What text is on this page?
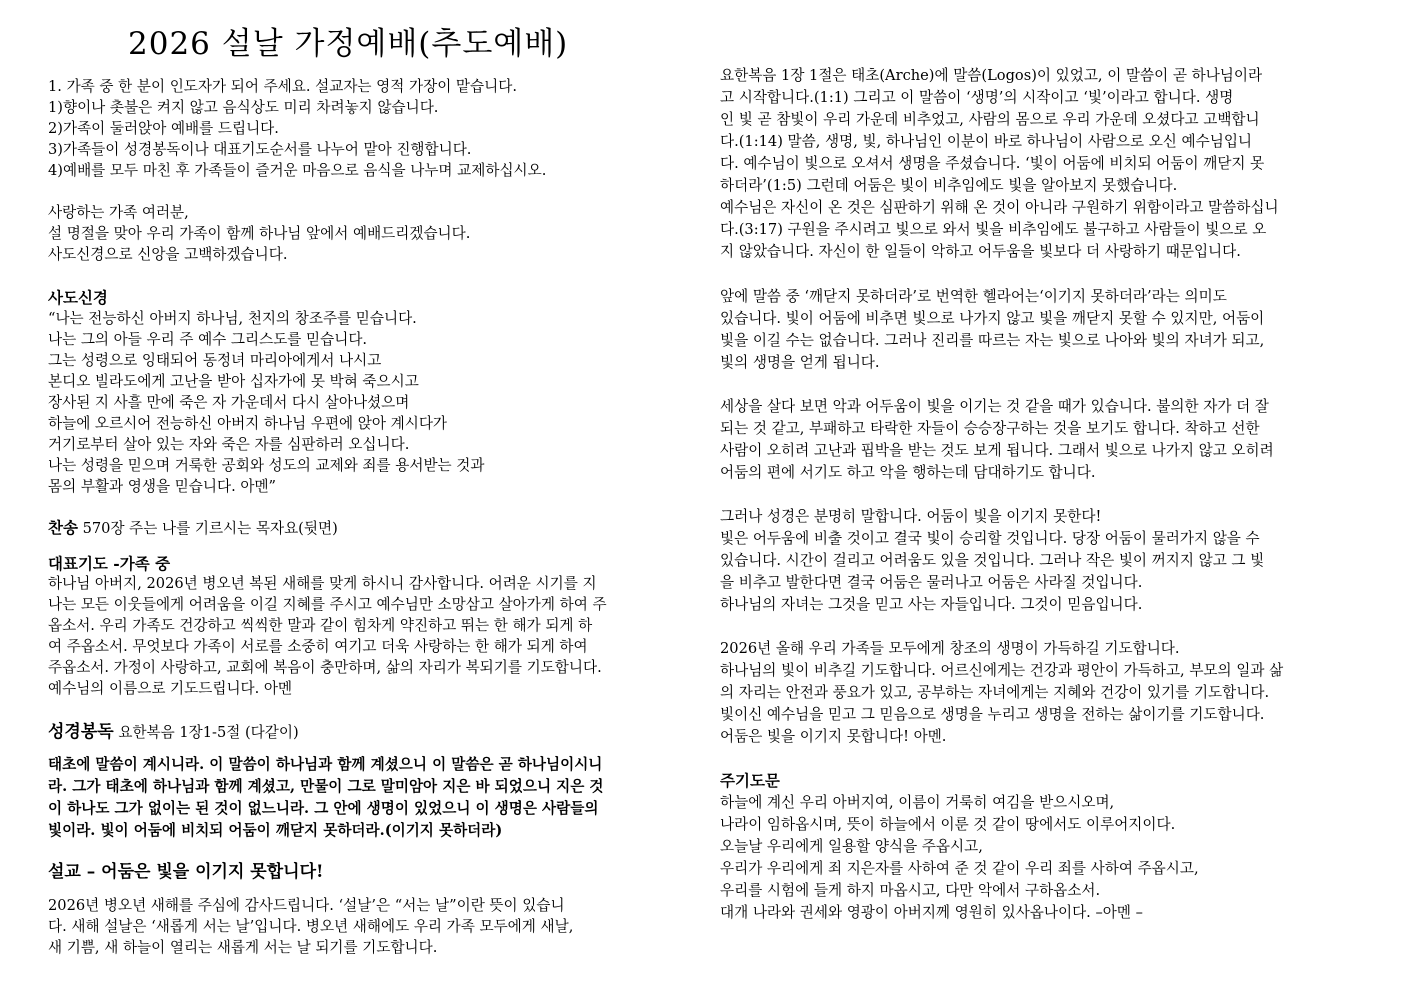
2026 설날 가정예배(추도예배)
1. 가족 중 한 분이 인도자가 되어 주세요. 설교자는 영적 가장이 맡습니다.
1)향이나 촛불은 켜지 않고 음식상도 미리 차려놓지 않습니다.
2)가족이 둘러앉아 예배를 드립니다.
3)가족들이 성경봉독이나 대표기도순서를 나누어 맡아 진행합니다.
4)예배를 모두 마친 후 가족들이 즐거운 마음으로 음식을 나누며 교제하십시오.
사랑하는 가족 여러분,
설 명절을 맞아 우리 가족이 함께 하나님 앞에서 예배드리겠습니다.
사도신경으로 신앙을 고백하겠습니다.
사도신경
“나는 전능하신 아버지 하나님, 천지의 창조주를 믿습니다.
나는 그의 아들 우리 주 예수 그리스도를 믿습니다.
그는 성령으로 잉태되어 동정녀 마리아에게서 나시고
본디오 빌라도에게 고난을 받아 십자가에 못 박혀 죽으시고
장사된 지 사흘 만에 죽은 자 가운데서 다시 살아나셨으며
하늘에 오르시어 전능하신 아버지 하나님 우편에 앉아 계시다가
거기로부터 살아 있는 자와 죽은 자를 심판하러 오십니다.
나는 성령을 믿으며 거룩한 공회와 성도의 교제와 죄를 용서받는 것과
몸의 부활과 영생을 믿습니다. 아멘”
찬송 570장 주는 나를 기르시는 목자요(뒷면)
대표기도 -가족 중
하나님 아버지, 2026년 병오년 복된 새해를 맞게 하시니 감사합니다. 어려운 시기를 지
나는 모든 이웃들에게 어려움을 이길 지혜를 주시고 예수님만 소망삼고 살아가게 하여 주
옵소서. 우리 가족도 건강하고 씩씩한 말과 같이 힘차게 약진하고 뛰는 한 해가 되게 하
여 주옵소서. 무엇보다 가족이 서로를 소중히 여기고 더욱 사랑하는 한 해가 되게 하여
주옵소서. 가정이 사랑하고, 교회에 복음이 충만하며, 삶의 자리가 복되기를 기도합니다.
예수님의 이름으로 기도드립니다. 아멘
성경봉독 요한복음 1장1-5절 (다같이)
태초에 말씀이 계시니라. 이 말씀이 하나님과 함께 계셨으니 이 말씀은 곧 하나님이시니
라. 그가 태초에 하나님과 함께 계셨고, 만물이 그로 말미암아 지은 바 되었으니 지은 것
이 하나도 그가 없이는 된 것이 없느니라. 그 안에 생명이 있었으니 이 생명은 사람들의
빛이라. 빛이 어둠에 비치되 어둠이 깨닫지 못하더라.(이기지 못하더라)
설교 – 어둠은 빛을 이기지 못합니다!
2026년 병오년 새해를 주심에 감사드립니다. ‘설날’은 “서는 날”이란 뜻이 있습니
다. 새해 설날은 ‘새롭게 서는 날’입니다. 병오년 새해에도 우리 가족 모두에게 새날,
새 기쁨, 새 하늘이 열리는 새롭게 서는 날 되기를 기도합니다.
요한복음 1장 1절은 태초(Arche)에 말씀(Logos)이 있었고, 이 말씀이 곧 하나님이라
고 시작합니다.(1:1) 그리고 이 말씀이 ‘생명’의 시작이고 ‘빛’이라고 합니다. 생명
인 빛 곧 참빛이 우리 가운데 비추었고, 사람의 몸으로 우리 가운데 오셨다고 고백합니
다.(1:14) 말씀, 생명, 빛, 하나님인 이분이 바로 하나님이 사람으로 오신 예수님입니
다. 예수님이 빛으로 오셔서 생명을 주셨습니다. ‘빛이 어둠에 비치되 어둠이 깨닫지 못
하더라’(1:5) 그런데 어둠은 빛이 비추임에도 빛을 알아보지 못했습니다.
예수님은 자신이 온 것은 심판하기 위해 온 것이 아니라 구원하기 위함이라고 말씀하십니
다.(3:17) 구원을 주시려고 빛으로 와서 빛을 비추임에도 불구하고 사람들이 빛으로 오
지 않았습니다. 자신이 한 일들이 악하고 어두움을 빛보다 더 사랑하기 때문입니다.
앞에 말씀 중 ‘깨닫지 못하더라’로 번역한 헬라어는‘이기지 못하더라’라는 의미도
있습니다. 빛이 어둠에 비추면 빛으로 나가지 않고 빛을 깨닫지 못할 수 있지만, 어둠이
빛을 이길 수는 없습니다. 그러나 진리를 따르는 자는 빛으로 나아와 빛의 자녀가 되고,
빛의 생명을 얻게 됩니다.
세상을 살다 보면 악과 어두움이 빛을 이기는 것 같을 때가 있습니다. 불의한 자가 더 잘
되는 것 같고, 부패하고 타락한 자들이 승승장구하는 것을 보기도 합니다. 착하고 선한
사람이 오히려 고난과 핍박을 받는 것도 보게 됩니다. 그래서 빛으로 나가지 않고 오히려
어둠의 편에 서기도 하고 악을 행하는데 담대하기도 합니다.
그러나 성경은 분명히 말합니다. 어둠이 빛을 이기지 못한다!
빛은 어두움에 비출 것이고 결국 빛이 승리할 것입니다. 당장 어둠이 물러가지 않을 수
있습니다. 시간이 걸리고 어려움도 있을 것입니다. 그러나 작은 빛이 꺼지지 않고 그 빛
을 비추고 발한다면 결국 어둠은 물러나고 어둠은 사라질 것입니다.
하나님의 자녀는 그것을 믿고 사는 자들입니다. 그것이 믿음입니다.
2026년 올해 우리 가족들 모두에게 창조의 생명이 가득하길 기도합니다.
하나님의 빛이 비추길 기도합니다. 어르신에게는 건강과 평안이 가득하고, 부모의 일과 삶
의 자리는 안전과 풍요가 있고, 공부하는 자녀에게는 지혜와 건강이 있기를 기도합니다.
빛이신 예수님을 믿고 그 믿음으로 생명을 누리고 생명을 전하는 삶이기를 기도합니다.
어둠은 빛을 이기지 못합니다! 아멘.
주기도문
하늘에 계신 우리 아버지여, 이름이 거룩히 여김을 받으시오며,
나라이 임하옵시며, 뜻이 하늘에서 이룬 것 같이 땅에서도 이루어지이다.
오늘날 우리에게 일용할 양식을 주옵시고,
우리가 우리에게 죄 지은자를 사하여 준 것 같이 우리 죄를 사하여 주옵시고,
우리를 시험에 들게 하지 마옵시고, 다만 악에서 구하옵소서.
대개 나라와 권세와 영광이 아버지께 영원히 있사옵나이다. –아멘 –
